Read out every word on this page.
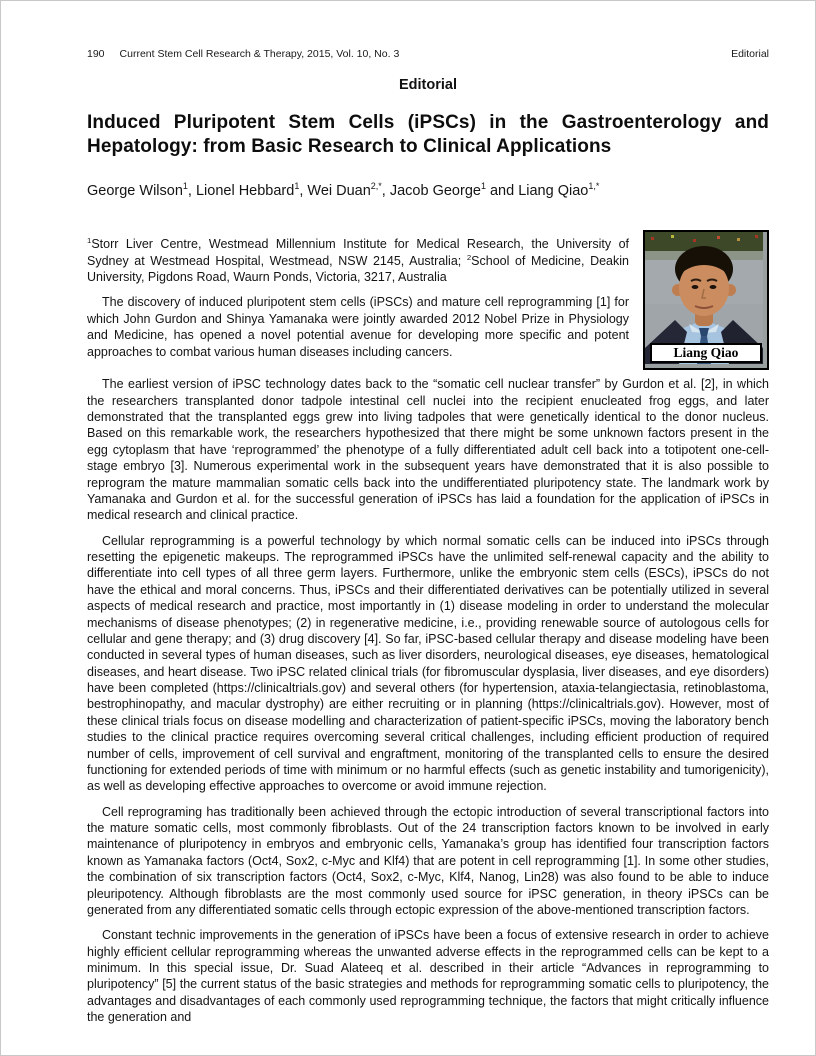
190 Current Stem Cell Research & Therapy, 2015, Vol. 10, No. 3	Editorial
Editorial
Induced Pluripotent Stem Cells (iPSCs) in the Gastroenterology and Hepatology: from Basic Research to Clinical Applications
George Wilson$^1$, Lionel Hebbard$^1$, Wei Duan$^{2,*}$, Jacob George$^1$ and Liang Qiao$^{1,*}$
Liang Qiao

$^1$Storr Liver Centre, Westmead Millennium Institute for Medical Research, the University of Sydney at Westmead Hospital, Westmead, NSW 2145, Australia; $^2$School of Medicine, Deakin University, Pigdons Road, Waurn Ponds, Victoria, 3217, Australia

The discovery of induced pluripotent stem cells (iPSCs) and mature cell reprogramming [1] for which John Gurdon and Shinya Yamanaka were jointly awarded 2012 Nobel Prize in Physiology and Medicine, has opened a novel potential avenue for developing more specific and potent approaches to combat various human diseases including cancers.

The earliest version of iPSC technology dates back to the “somatic cell nuclear transfer” by Gurdon et al. [2], in which the researchers transplanted donor tadpole intestinal cell nuclei into the recipient enucleated frog eggs, and later demonstrated that the transplanted eggs grew into living tadpoles that were genetically identical to the donor nucleus. Based on this remarkable work, the researchers hypothesized that there might be some unknown factors present in the egg cytoplasm that have ‘reprogrammed’ the phenotype of a fully differentiated adult cell back into a totipotent one-cell-stage embryo [3]. Numerous experimental work in the subsequent years have demonstrated that it is also possible to reprogram the mature mammalian somatic cells back into the undifferentiated pluripotency state. The landmark work by Yamanaka and Gurdon et al. for the successful generation of iPSCs has laid a foundation for the application of iPSCs in medical research and clinical practice.

Cellular reprogramming is a powerful technology by which normal somatic cells can be induced into iPSCs through resetting the epigenetic makeups. The reprogrammed iPSCs have the unlimited self-renewal capacity and the ability to differentiate into cell types of all three germ layers. Furthermore, unlike the embryonic stem cells (ESCs), iPSCs do not have the ethical and moral concerns. Thus, iPSCs and their differentiated derivatives can be potentially utilized in several aspects of medical research and practice, most importantly in (1) disease modeling in order to understand the molecular mechanisms of disease phenotypes; (2) in regenerative medicine, i.e., providing renewable source of autologous cells for cellular and gene therapy; and (3) drug discovery [4]. So far, iPSC-based cellular therapy and disease modeling have been conducted in several types of human diseases, such as liver disorders, neurological diseases, eye diseases, hematological diseases, and heart disease. Two iPSC related clinical trials (for fibromuscular dysplasia, liver diseases, and eye disorders) have been completed (https://clinicaltrials.gov) and several others (for hypertension, ataxia-telangiectasia, retinoblastoma, bestrophinopathy, and macular dystrophy) are either recruiting or in planning (https://clinicaltrials.gov). However, most of these clinical trials focus on disease modelling and characterization of patient-specific iPSCs, moving the laboratory bench studies to the clinical practice requires overcoming several critical challenges, including efficient production of required number of cells, improvement of cell survival and engraftment, monitoring of the transplanted cells to ensure the desired functioning for extended periods of time with minimum or no harmful effects (such as genetic instability and tumorigenicity), as well as developing effective approaches to overcome or avoid immune rejection.

Cell reprograming has traditionally been achieved through the ectopic introduction of several transcriptional factors into the mature somatic cells, most commonly fibroblasts. Out of the 24 transcription factors known to be involved in early maintenance of pluripotency in embryos and embryonic cells, Yamanaka’s group has identified four transcription factors known as Yamanaka factors (Oct4, Sox2, c-Myc and Klf4) that are potent in cell reprogramming [1]. In some other studies, the combination of six transcription factors (Oct4, Sox2, c-Myc, Klf4, Nanog, Lin28) was also found to be able to induce pleuripotency. Although fibroblasts are the most commonly used source for iPSC generation, in theory iPSCs can be generated from any differentiated somatic cells through ectopic expression of the above-mentioned transcription factors.

Constant technic improvements in the generation of iPSCs have been a focus of extensive research in order to achieve highly efficient cellular reprogramming whereas the unwanted adverse effects in the reprogrammed cells can be kept to a minimum. In this special issue, Dr. Suad Alateeq et al. described in their article “Advances in reprogramming to pluripotency” [5] the current status of the basic strategies and methods for reprogramming somatic cells to pluripotency, the advantages and disadvantages of each commonly used reprogramming technique, the factors that might critically influence the generation and
